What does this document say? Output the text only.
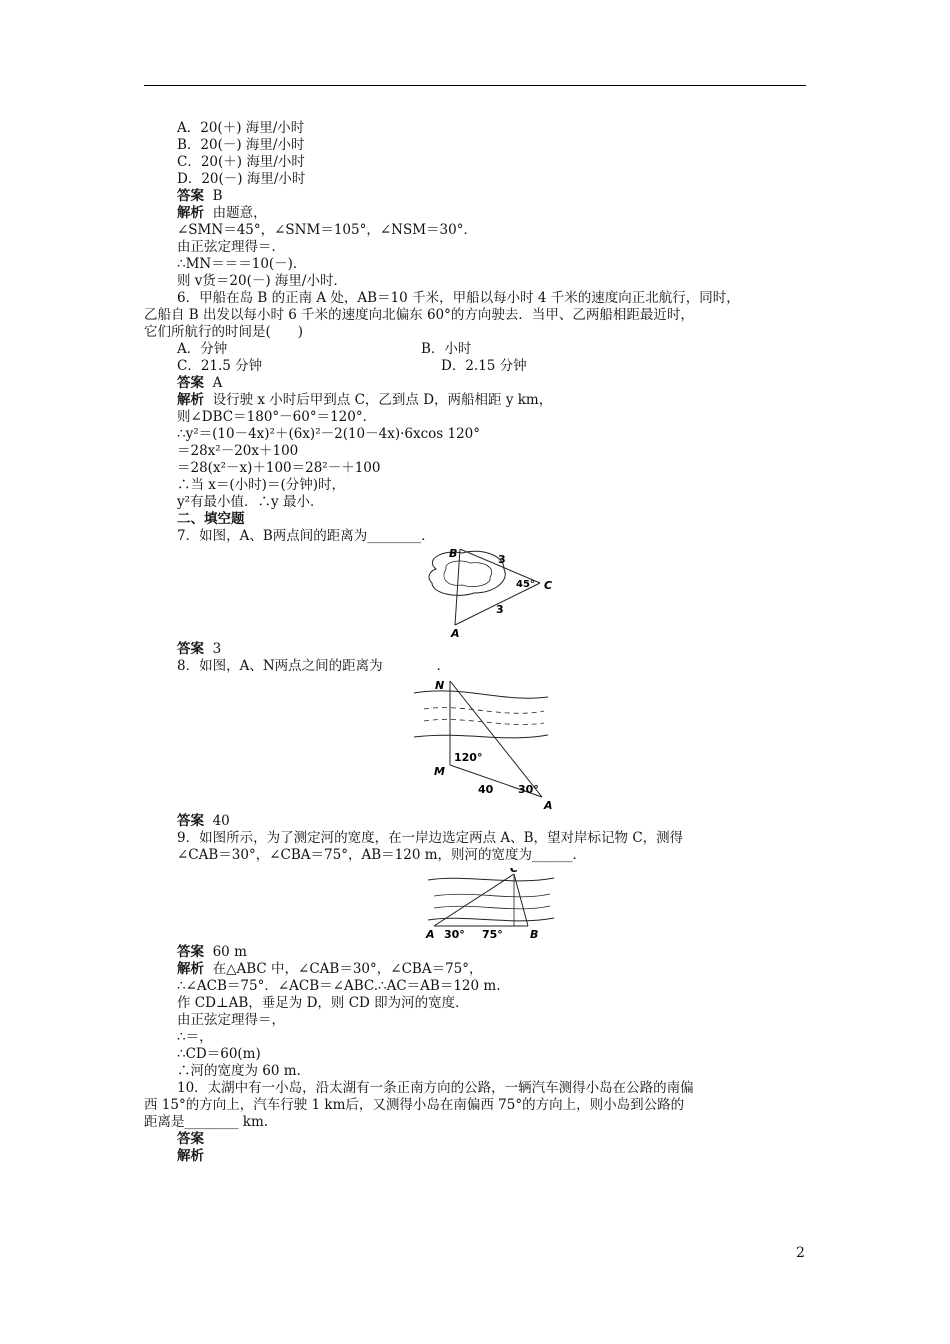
A．20(＋) 海里/小时
B．20(－) 海里/小时
C．20(＋) 海里/小时
D．20(－) 海里/小时
答案 B
解析 由题意，
∠SMN＝45°，∠SNM＝105°，∠NSM＝30°．
由正弦定理得＝．
∴MN＝＝＝10(－)．
则 v货＝20(－) 海里/小时．
6．甲船在岛 B 的正南 A 处，AB＝10 千米，甲船以每小时 4 千米的速度向正北航行，同时，
乙船自 B 出发以每小时 6 千米的速度向北偏东 60°的方向驶去．当甲、乙两船相距最近时，
它们所航行的时间是(　　)
A．分钟	B．小时
C．21.5 分钟	D．2.15 分钟
答案 A
解析 设行驶 x 小时后甲到点 C，乙到点 D，两船相距 y km，
则∠DBC＝180°－60°＝120°．
∴y²＝(10－4x)²＋(6x)²－2(10－4x)·6xcos 120°
＝28x²－20x＋100
＝28(x²－x)＋100＝28²－＋100
∴当 x＝(小时)＝(分钟)时，
y²有最小值．∴y 最小．
二、填空题
7．如图，A、B两点间的距离为________．
B
A
C
3
3
45°
答案 3
8．如图，A、N两点之间的距离为　　　　．
N
M
A
120°
40 30°
答案 40
9．如图所示，为了测定河的宽度，在一岸边选定两点 A、B，望对岸标记物 C，测得
∠CAB＝30°，∠CBA＝75°，AB＝120 m，则河的宽度为______．
C
A	B
30° 75°
答案 60 m
解析 在△ABC 中，∠CAB＝30°，∠CBA＝75°，
∴∠ACB＝75°．∠ACB＝∠ABC.∴AC＝AB＝120 m.
作 CD⊥AB，垂足为 D，则 CD 即为河的宽度．
由正弦定理得＝，
∴＝，
∴CD＝60(m)
∴河的宽度为 60 m.
10．太湖中有一小岛，沿太湖有一条正南方向的公路，一辆汽车测得小岛在公路的南偏
西 15°的方向上，汽车行驶 1 km后，又测得小岛在南偏西 75°的方向上，则小岛到公路的
距离是________ km.
答案
解析
2
